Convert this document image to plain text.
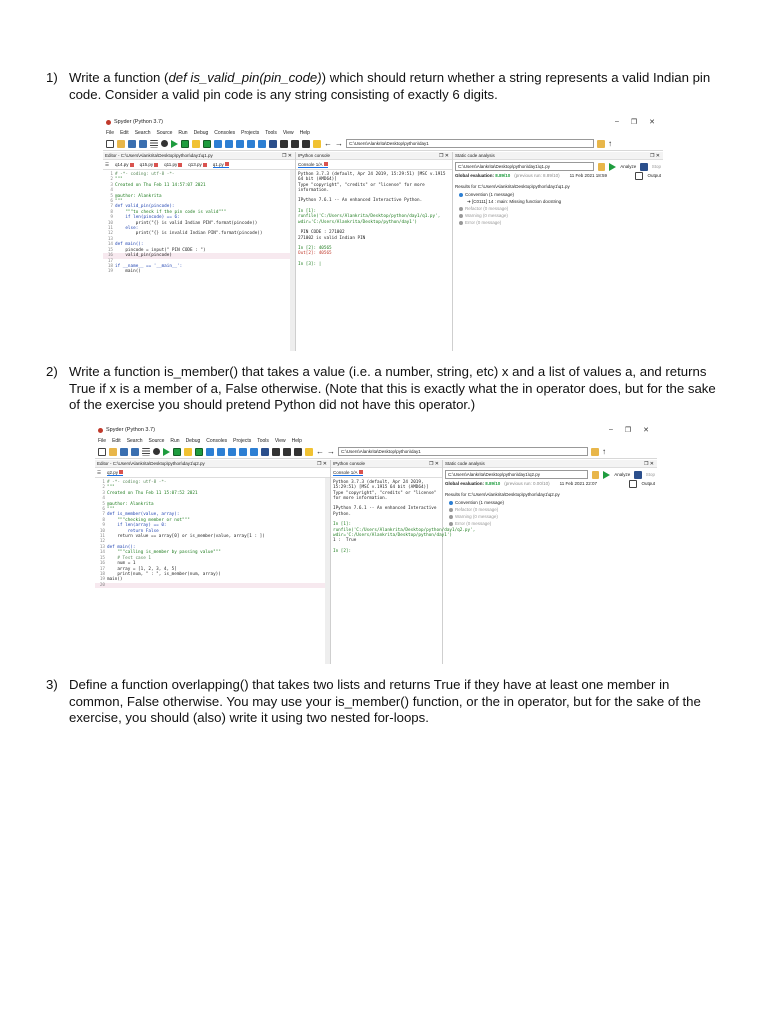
1) Write a function (def is_valid_pin(pin_code)) which should return whether a string represents a valid Indian pin code. Consider a valid pin code is any string consisting of exactly 6 digits.
Spyder (Python 3.7)	– ❐ ✕
File Edit Search Source Run Debug Consoles Projects Tools View Help
← →	C:\Users\Alankrita\Desktop\python\day1	↑
Editor - C:\Users\Alankrita\Desktop\python\day1\q1.py	❐ ✕
☰ q14.py	q15.py	q11.py	q13.py	q1.py
1 # -*- coding: utf-8 -*-
2 """
3 Created on Thu Feb 11 14:57:07 2021
4
5 @author: Alankrita
6 """
7 def valid_pin(pincode):
8 """to check if the pin code is valid"""
9 if len(pincode) == 6:
10 print("{} is valid Indian PIN".format(pincode))
11 else:
12 print("{} is invalid Indian PIN".format(pincode))
13
14 def main():
15 pincode = input(" PIN CODE : ")
16 valid_pin(pincode)
17
18 if __name__ == '__main__':
19 main()
IPython console	❐ ✕
Console 1/A
Python 3.7.3 (default, Apr 24 2019, 15:29:51) [MSC v.1915 64 bit (AMD64)]
Type "copyright", "credits" or "license" for more information.
IPython 7.6.1 -- An enhanced Interactive Python.
In [1]: runfile('C:/Users/Alankrita/Desktop/python/day1/q1.py', wdir='C:/Users/Alankrita/Desktop/python/day1')
PIN CODE : 271002
271002 is valid Indian PIN
In [2]: 40565
Out[2]: 40565
In [3]: |
Static code analysis	❐ ✕
C:\Users\Alankrita\Desktop\python\day1\q1.py	Analyze	Stop
Global evaluation: 8.89/10 (previous run: 8.89/10) 11 Feb 2021 18:59	Output
Results for C:\Users\Alankrita\Desktop\python\day1\q1.py
Convention (1 message)
➔ [C0111] 14 : main: Missing function docstring
Refactor (0 message)
Warning (0 message)
Error (0 message)
2) Write a function is_member() that takes a value (i.e. a number, string, etc) x and a list of values a, and returns True if x is a member of a, False otherwise. (Note that this is exactly what the in operator does, but for the sake of the exercise you should pretend Python did not have this operator.)
Spyder (Python 3.7)	– ❐ ✕
File Edit Search Source Run Debug Consoles Projects Tools View Help
← →	C:\Users\Alankrita\Desktop\python\day1	↑
Editor - C:\Users\Alankrita\Desktop\python\day1\q2.py	❐ ✕
☰ q2.py
1 # -*- coding: utf-8 -*-
2 """
3 Created on Thu Feb 11 15:07:52 2021
4
5 @author: Alankrita
6 """
7 def is_member(value, array):
8 """checking member or not"""
9 if len(array) == 0:
10 return False
11 return value == array[0] or is_member(value, array[1 : ])
12
13 def main():
14 """calling is_member by passing value"""
15 # Test case 1
16 num = 1
17 array = [1, 2, 3, 4, 5]
18 print(num, " : ", is_member(num, array))
19 main()
20
IPython console	❐ ✕
Console 1/A
Python 3.7.3 (default, Apr 24 2019, 15:29:51) [MSC v.1915 64 bit (AMD64)]
Type "copyright", "credits" or "license" for more information.
IPython 7.6.1 -- An enhanced Interactive Python.
In [1]: runfile('C:/Users/Alankrita/Desktop/python/day1/q2.py', wdir='C:/Users/Alankrita/Desktop/python/day1')
1 :  True
In [2]:
Static code analysis	❐ ✕
C:\Users\Alankrita\Desktop\python\day1\q2.py	Analyze	Stop
Global evaluation: 8.89/10 (previous run: 0.00/10) 11 Feb 2021 22:07	Output
Results for C:\Users\Alankrita\Desktop\python\day1\q2.py
Convention (1 message)
Refactor (0 message)
Warning (0 message)
Error (0 message)
3) Define a function overlapping() that takes two lists and returns True if they have at least one member in common, False otherwise. You may use your is_member() function, or the in operator, but for the sake of the exercise, you should (also) write it using two nested for-loops.
